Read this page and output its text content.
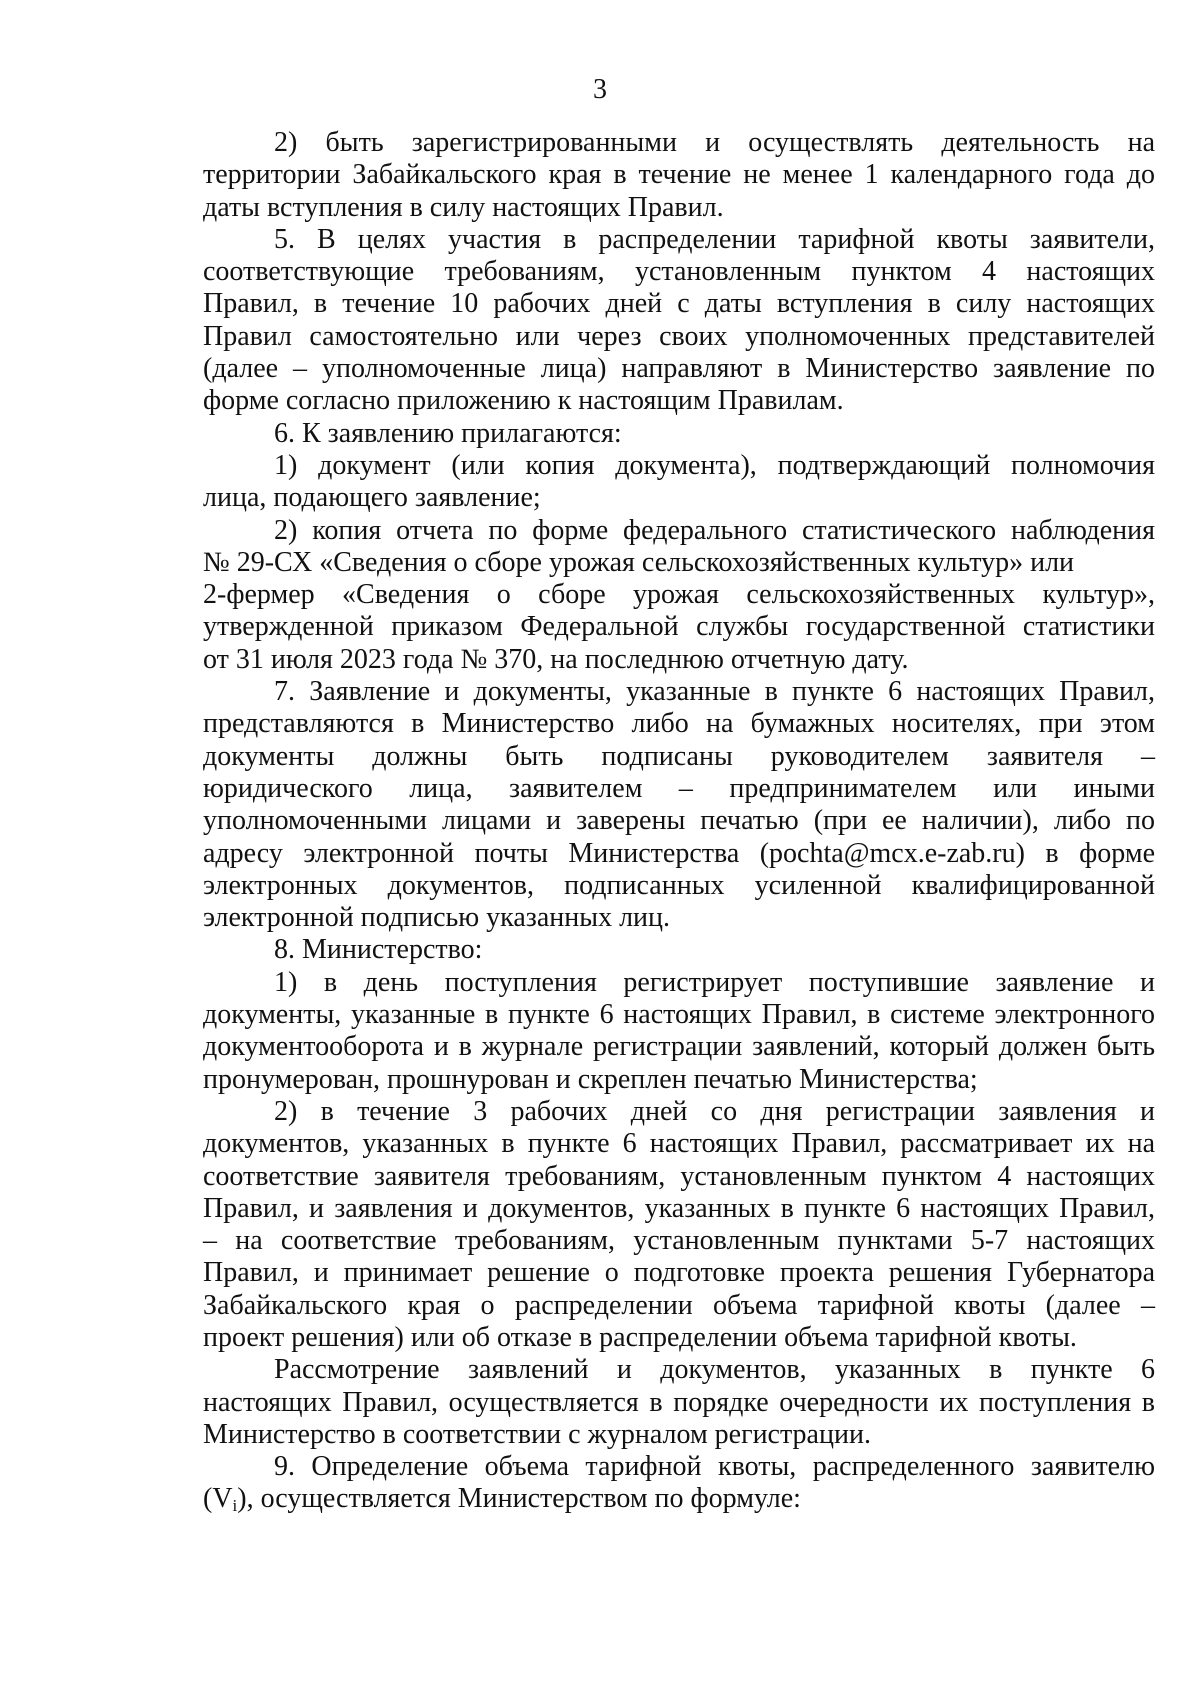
3
2) быть зарегистрированными и осуществлять деятельность на
территории Забайкальского края в течение не менее 1 календарного года до
даты вступления в силу настоящих Правил.
5. В целях участия в распределении тарифной квоты заявители,
соответствующие требованиям, установленным пунктом 4 настоящих
Правил, в течение 10 рабочих дней с даты вступления в силу настоящих
Правил самостоятельно или через своих уполномоченных представителей
(далее – уполномоченные лица) направляют в Министерство заявление по
форме согласно приложению к настоящим Правилам.
6. К заявлению прилагаются:
1) документ (или копия документа), подтверждающий полномочия
лица, подающего заявление;
2) копия отчета по форме федерального статистического наблюдения
№ 29-СХ «Сведения о сборе урожая сельскохозяйственных культур» или
2-фермер «Сведения о сборе урожая сельскохозяйственных культур»,
утвержденной приказом Федеральной службы государственной статистики
от 31 июля 2023 года № 370, на последнюю отчетную дату.
7. Заявление и документы, указанные в пункте 6 настоящих Правил,
представляются в Министерство либо на бумажных носителях, при этом
документы должны быть подписаны руководителем заявителя –
юридического лица, заявителем – предпринимателем или иными
уполномоченными лицами и заверены печатью (при ее наличии), либо по
адресу электронной почты Министерства (pochta@mcx.e-zab.ru) в форме
электронных документов, подписанных усиленной квалифицированной
электронной подписью указанных лиц.
8. Министерство:
1) в день поступления регистрирует поступившие заявление и
документы, указанные в пункте 6 настоящих Правил, в системе электронного
документооборота и в журнале регистрации заявлений, который должен быть
пронумерован, прошнурован и скреплен печатью Министерства;
2) в течение 3 рабочих дней со дня регистрации заявления и
документов, указанных в пункте 6 настоящих Правил, рассматривает их на
соответствие заявителя требованиям, установленным пунктом 4 настоящих
Правил, и заявления и документов, указанных в пункте 6 настоящих Правил,
– на соответствие требованиям, установленным пунктами 5-7 настоящих
Правил, и принимает решение о подготовке проекта решения Губернатора
Забайкальского края о распределении объема тарифной квоты (далее –
проект решения) или об отказе в распределении объема тарифной квоты.
Рассмотрение заявлений и документов, указанных в пункте 6
настоящих Правил, осуществляется в порядке очередности их поступления в
Министерство в соответствии с журналом регистрации.
9. Определение объема тарифной квоты, распределенного заявителю
$(V_i)$, осуществляется Министерством по формуле:
